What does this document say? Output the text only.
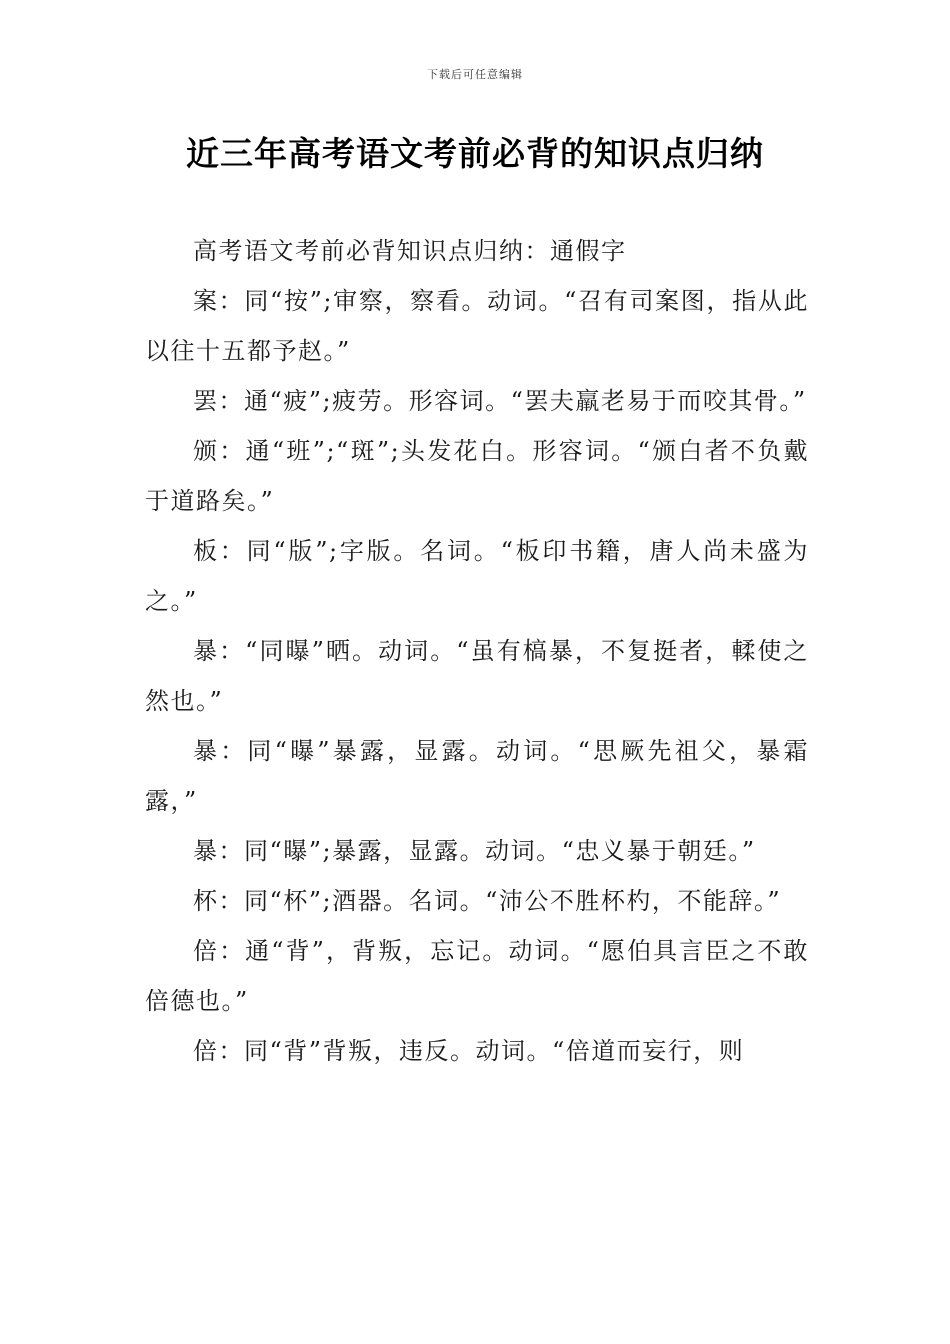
下载后可任意编辑
近三年高考语文考前必背的知识点归纳

高考语文考前必背知识点归纳：通假字

案：同“按”;审察，察看。动词。“召有司案图，指从此以往十五都予赵。”

罢：通“疲”;疲劳。形容词。“罢夫羸老易于而咬其骨。”

颁：通“班”;“斑”;头发花白。形容词。“颁白者不负戴于道路矣。”

板：同“版”;字版。名词。“板印书籍，唐人尚未盛为之。”

暴：“同曝”晒。动词。“虽有槁暴，不复挺者，輮使之然也。”

暴：同“曝”暴露，显露。动词。“思厥先祖父，暴霜露，”

暴：同“曝”;暴露，显露。动词。“忠义暴于朝廷。”

杯：同“杯”;酒器。名词。“沛公不胜杯杓，不能辞。”

倍：通“背”，背叛，忘记。动词。“愿伯具言臣之不敢倍德也。”

倍：同“背”背叛，违反。动词。“倍道而妄行，则
